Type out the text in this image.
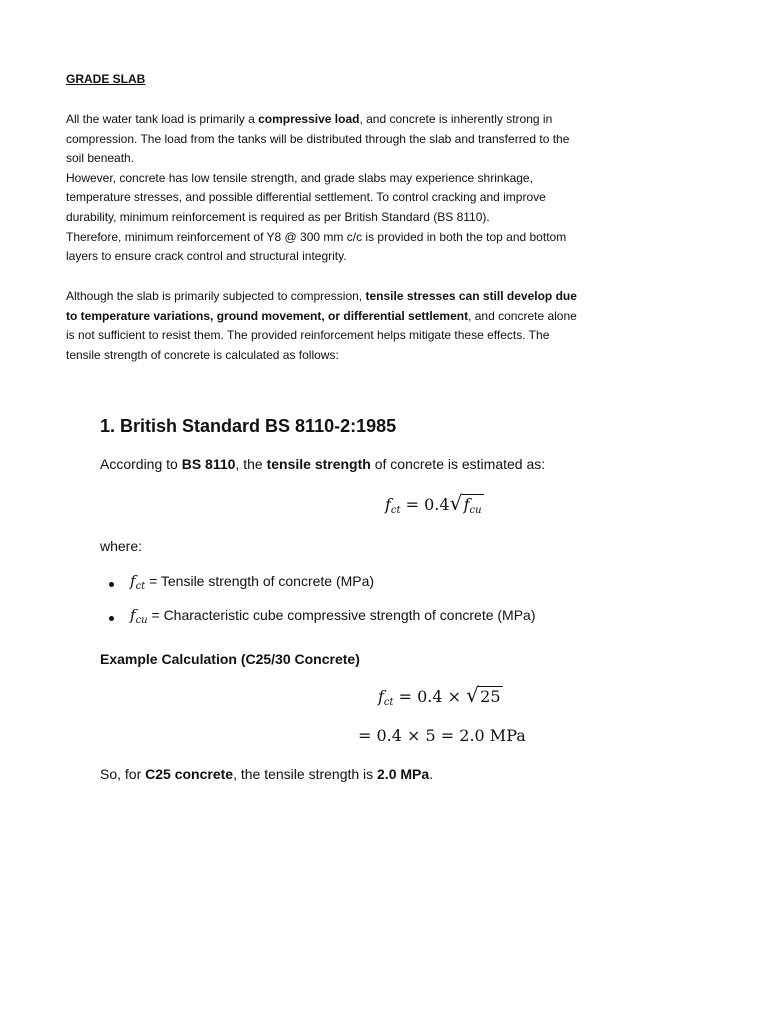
GRADE SLAB
All the water tank load is primarily a compressive load, and concrete is inherently strong in compression. The load from the tanks will be distributed through the slab and transferred to the soil beneath.
However, concrete has low tensile strength, and grade slabs may experience shrinkage, temperature stresses, and possible differential settlement. To control cracking and improve durability, minimum reinforcement is required as per British Standard (BS 8110).
Therefore, minimum reinforcement of Y8 @ 300 mm c/c is provided in both the top and bottom layers to ensure crack control and structural integrity.
Although the slab is primarily subjected to compression, tensile stresses can still develop due to temperature variations, ground movement, or differential settlement, and concrete alone is not sufficient to resist them. The provided reinforcement helps mitigate these effects. The tensile strength of concrete is calculated as follows:
1. British Standard BS 8110-2:1985
According to BS 8110, the tensile strength of concrete is estimated as:
$f_{ct} = 0.4√$ $f_{cu}$
where:
$f_{ct}$ = Tensile strength of concrete (MPa)
$f_{cu}$ = Characteristic cube compressive strength of concrete (MPa)
Example Calculation (C25/30 Concrete)
$f_{ct} = 0.4$ × √ 25
= 0.4 × 5 = 2.0 MPa
So, for C25 concrete, the tensile strength is 2.0 MPa.
